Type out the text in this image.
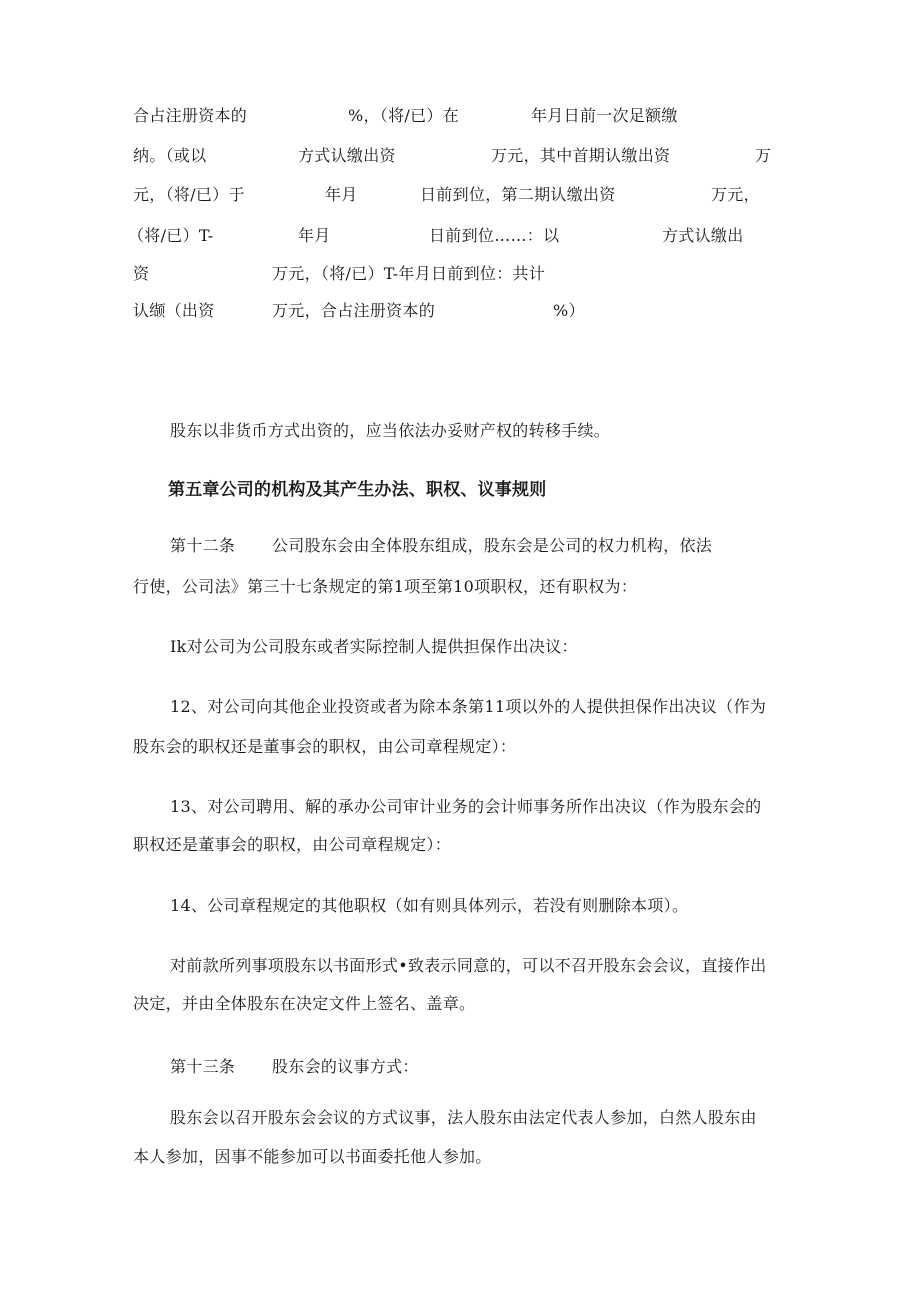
合占注册资本的	%，（将/已）在	年月日前一次足额缴
纳。（或以	方式认缴出资	万元，其中首期认缴出资	万
元，（将/已）于	年月	日前到位，第二期认缴出资	万元，
（将/已）T-	年月	日前到位……：以	方式认缴出
资	万元，（将/已）T-年月日前到位：共计
认缬（出资	万元，合占注册资本的	%）
股东以非货币方式出资的，应当依法办妥财产权的转移手续。
第五章公司的机构及其产生办法、职权、议事规则
第十二条 公司股东会由全体股东组成，股东会是公司的权力机构，依法
行使，公司法》第三十七条规定的第1项至第10项职权，还有职权为：
Ik对公司为公司股东或者实际控制人提供担保作出决议：
12、对公司向其他企业投资或者为除本条第11项以外的人提供担保作出决议（作为
股东会的职权还是董事会的职权，由公司章程规定）：
13、对公司聘用、解的承办公司审计业务的会计师事务所作出决议（作为股东会的
职权还是董事会的职权，由公司章程规定）：
14、公司章程规定的其他职权（如有则具体列示，若没有则删除本项）。
对前款所列事项股东以书面形式•致表示同意的，可以不召开股东会会议，直接作出
决定，并由全体股东在决定文件上签名、盖章。
第十三条 股东会的议事方式：
股东会以召开股东会会议的方式议事，法人股东由法定代表人参加，白然人股东由
本人参加，因事不能参加可以书面委托他人参加。
